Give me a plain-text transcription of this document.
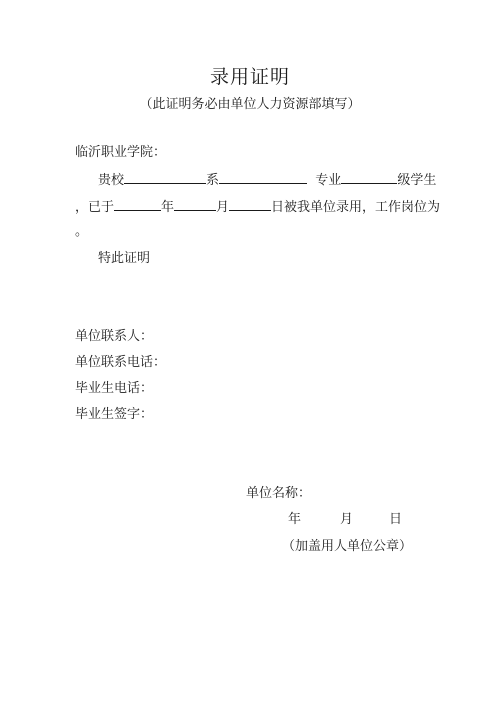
录用证明
（此证明务必由单位人力资源部填写）
临沂职业学院：
贵校	系	专业	级学生
，已于	年	月	日被我单位录用，工作岗位为
。
特此证明
单位联系人：
单位联系电话：
毕业生电话：
毕业生签字：
单位名称：
年	月	日
（加盖用人单位公章）
